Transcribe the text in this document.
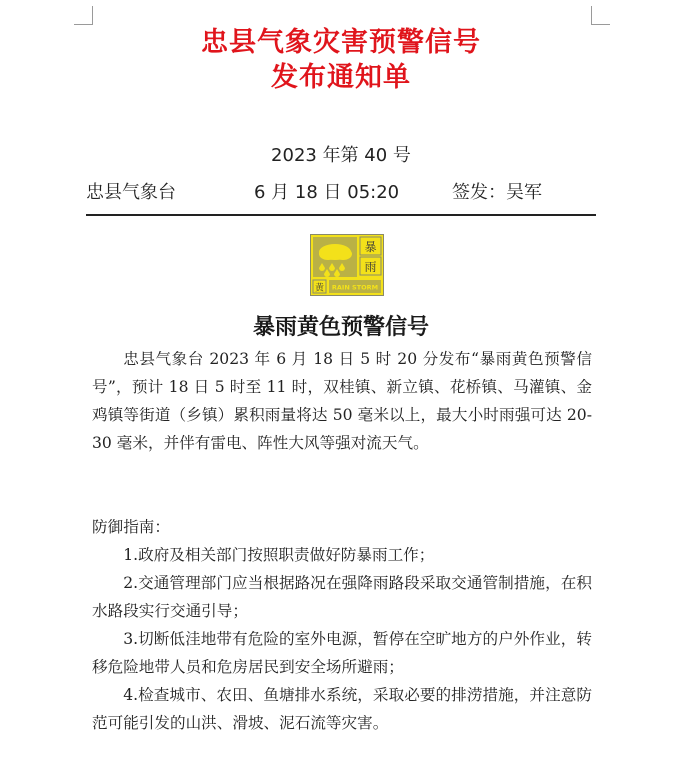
忠县气象灾害预警信号
发布通知单
2023 年第 40 号
忠县气象台	6 月 18 日 05:20	签发：吴军
暴
雨
黄 RAIN STORM
暴雨黄色预警信号
忠县气象台 2023 年 6 月 18 日 5 时 20 分发布“暴雨黄色预警信号”，预计 18 日 5 时至 11 时，双桂镇、新立镇、花桥镇、马灌镇、金鸡镇等街道（乡镇）累积雨量将达 50 毫米以上，最大小时雨强可达 20-30 毫米，并伴有雷电、阵性大风等强对流天气。
防御指南：
1.政府及相关部门按照职责做好防暴雨工作；
2.交通管理部门应当根据路况在强降雨路段采取交通管制措施，在积水路段实行交通引导；
3.切断低洼地带有危险的室外电源，暂停在空旷地方的户外作业，转移危险地带人员和危房居民到安全场所避雨；
4.检查城市、农田、鱼塘排水系统，采取必要的排涝措施，并注意防范可能引发的山洪、滑坡、泥石流等灾害。
